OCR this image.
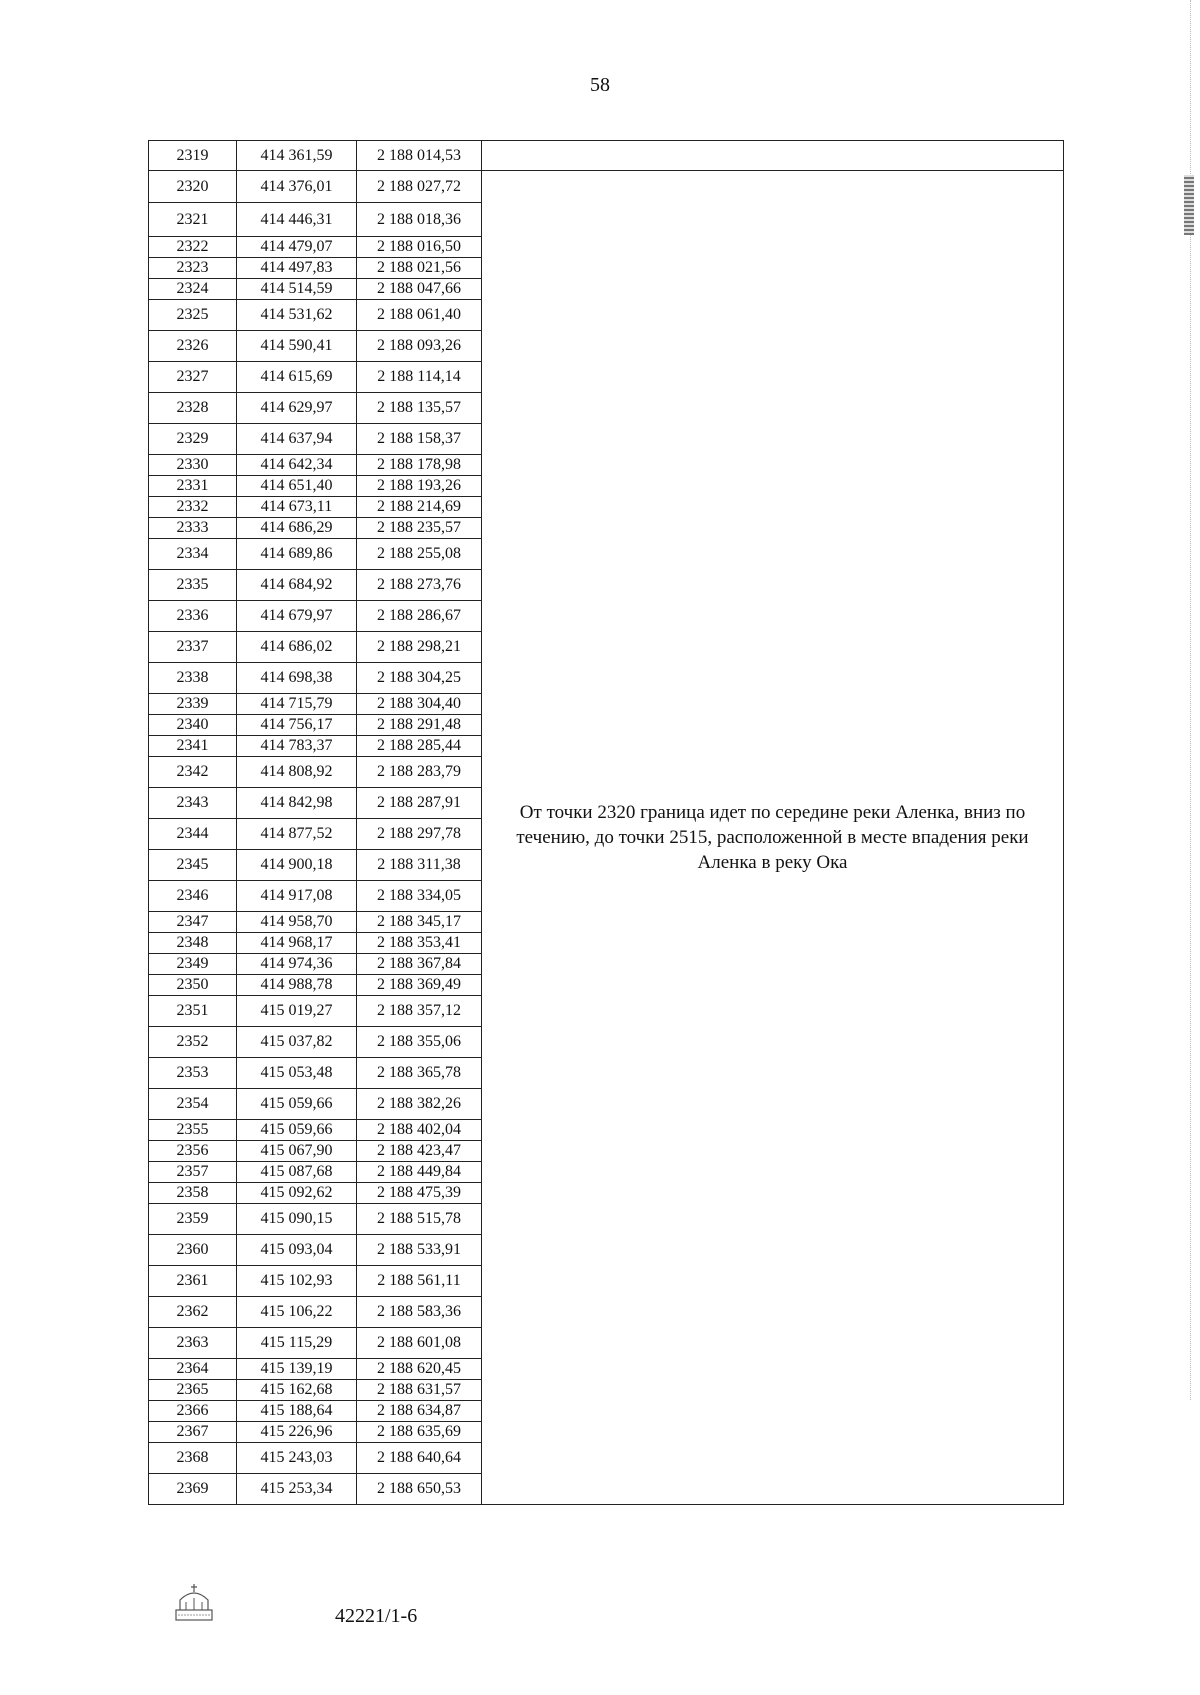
58
2319	414 361,59	2 188 014,53	
2320	414 376,01	2 188 027,72	От точки 2320 граница идет по середине реки Аленка, вниз по течению, до точки 2515, расположенной в месте впадения реки Аленка в реку Ока
2321	414 446,31	2 188 018,36	
2322	414 479,07	2 188 016,50	
2323	414 497,83	2 188 021,56	
2324	414 514,59	2 188 047,66	
2325	414 531,62	2 188 061,40	
2326	414 590,41	2 188 093,26	
2327	414 615,69	2 188 114,14	
2328	414 629,97	2 188 135,57	
2329	414 637,94	2 188 158,37	
2330	414 642,34	2 188 178,98	
2331	414 651,40	2 188 193,26	
2332	414 673,11	2 188 214,69	
2333	414 686,29	2 188 235,57	
2334	414 689,86	2 188 255,08	
2335	414 684,92	2 188 273,76	
2336	414 679,97	2 188 286,67	
2337	414 686,02	2 188 298,21	
2338	414 698,38	2 188 304,25	
2339	414 715,79	2 188 304,40	
2340	414 756,17	2 188 291,48	
2341	414 783,37	2 188 285,44	
2342	414 808,92	2 188 283,79	
2343	414 842,98	2 188 287,91	
2344	414 877,52	2 188 297,78	
2345	414 900,18	2 188 311,38	
2346	414 917,08	2 188 334,05	
2347	414 958,70	2 188 345,17	
2348	414 968,17	2 188 353,41	
2349	414 974,36	2 188 367,84	
2350	414 988,78	2 188 369,49	
2351	415 019,27	2 188 357,12	
2352	415 037,82	2 188 355,06	
2353	415 053,48	2 188 365,78	
2354	415 059,66	2 188 382,26	
2355	415 059,66	2 188 402,04	
2356	415 067,90	2 188 423,47	
2357	415 087,68	2 188 449,84	
2358	415 092,62	2 188 475,39	
2359	415 090,15	2 188 515,78	
2360	415 093,04	2 188 533,91	
2361	415 102,93	2 188 561,11	
2362	415 106,22	2 188 583,36	
2363	415 115,29	2 188 601,08	
2364	415 139,19	2 188 620,45	
2365	415 162,68	2 188 631,57	
2366	415 188,64	2 188 634,87	
2367	415 226,96	2 188 635,69	
2368	415 243,03	2 188 640,64	
2369	415 253,34	2 188 650,53	
42221/1-6
